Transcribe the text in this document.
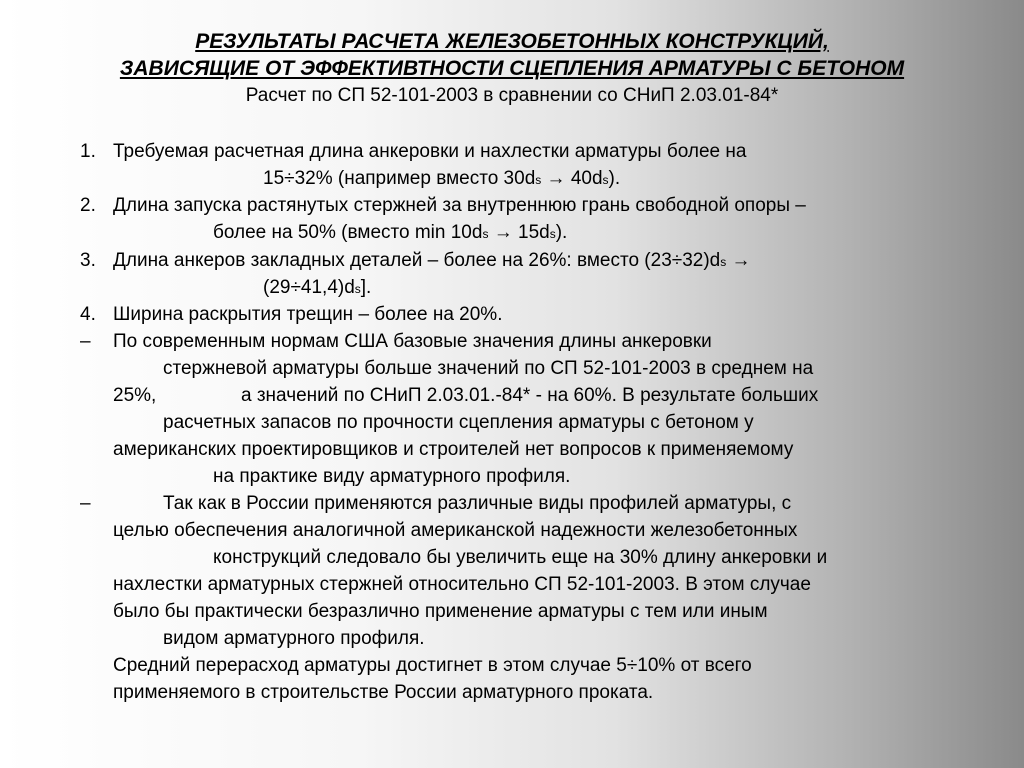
РЕЗУЛЬТАТЫ РАСЧЕТА ЖЕЛЕЗОБЕТОННЫХ КОНСТРУКЦИЙ,
ЗАВИСЯЩИЕ ОТ ЭФФЕКТИВТНОСТИ СЦЕПЛЕНИЯ АРМАТУРЫ С БЕТОНОМ
Расчет по СП 52-101-2003 в сравнении со СНиП 2.03.01-84*
1. Требуемая расчетная длина анкеровки и нахлестки арматуры более на
15÷32% (например вместо 30ds → 40ds).
2. Длина запуска растянутых стержней за внутреннюю грань свободной опоры –
более на 50% (вместо min 10ds → 15ds).
3. Длина анкеров закладных деталей – более на 26%: вместо (23÷32)ds →
(29÷41,4)ds].
4. Ширина раскрытия трещин – более на 20%.
– По современным нормам США базовые значения длины анкеровки
стержневой арматуры больше значений по СП 52-101-2003 в среднем на
25%,	а значений по СНиП 2.03.01.-84* - на 60%. В результате больших
расчетных запасов по прочности сцепления арматуры с бетоном у
американских проектировщиков и строителей нет вопросов к применяемому
на практике виду арматурного профиля.
–	Так как в России применяются различные виды профилей арматуры, с
целью обеспечения аналогичной американской надежности железобетонных
конструкций следовало бы увеличить еще на 30% длину анкеровки и
нахлестки арматурных стержней относительно СП 52-101-2003. В этом случае
было бы практически безразлично применение арматуры с тем или иным
видом арматурного профиля.
Средний перерасход арматуры достигнет в этом случае 5÷10% от всего
применяемого в строительстве России арматурного проката.
